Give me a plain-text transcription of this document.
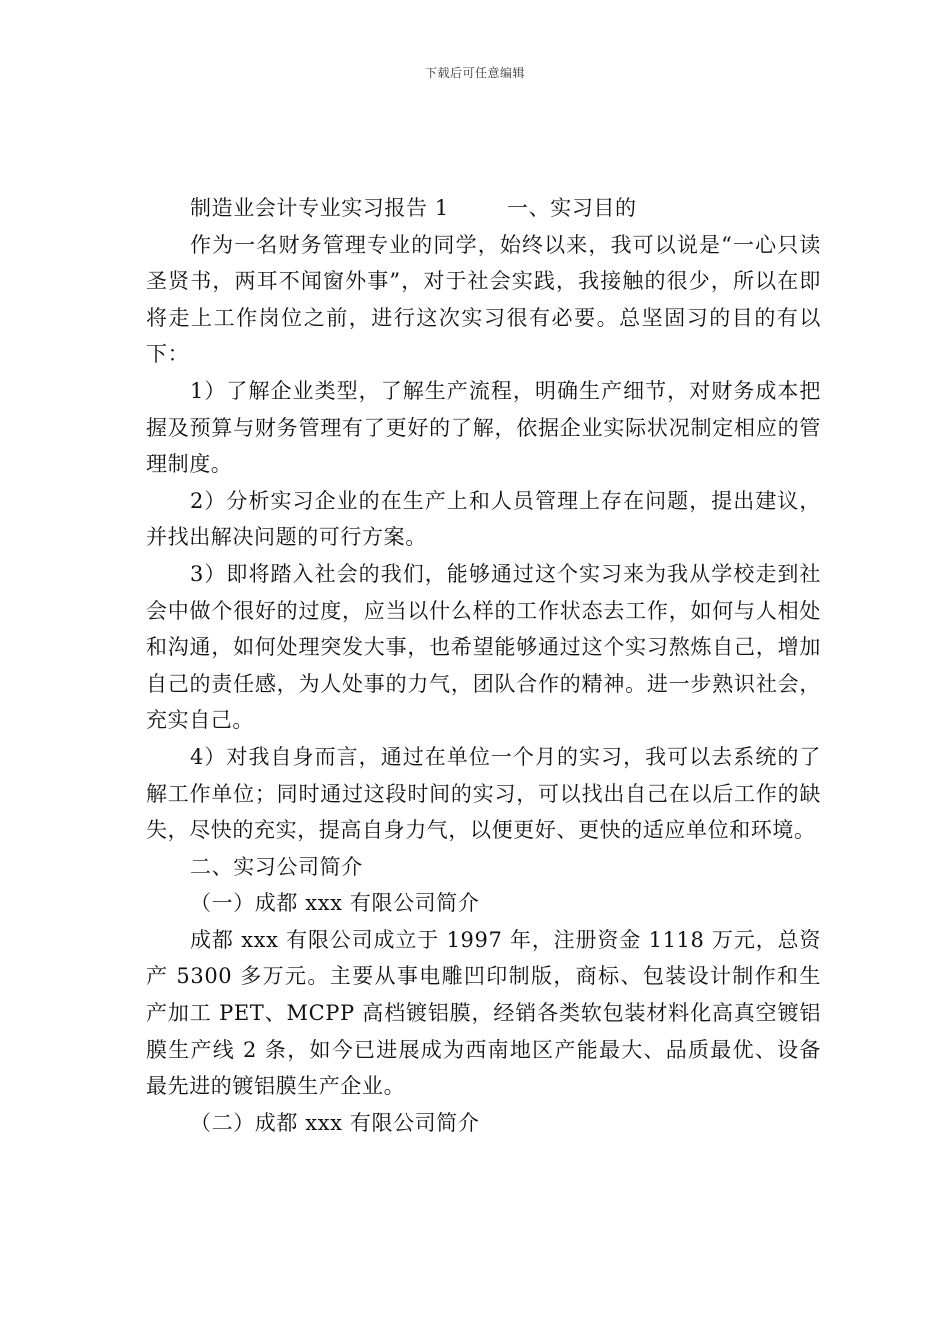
下载后可任意编辑

制造业会计专业实习报告 1        一、实习目的

作为一名财务管理专业的同学，始终以来，我可以说是“一心只读圣贤书，两耳不闻窗外事”，对于社会实践，我接触的很少，所以在即将走上工作岗位之前，进行这次实习很有必要。总坚固习的目的有以下：

1）了解企业类型，了解生产流程，明确生产细节，对财务成本把握及预算与财务管理有了更好的了解，依据企业实际状况制定相应的管理制度。

2）分析实习企业的在生产上和人员管理上存在问题，提出建议，并找出解决问题的可行方案。

3）即将踏入社会的我们，能够通过这个实习来为我从学校走到社会中做个很好的过度，应当以什么样的工作状态去工作，如何与人相处和沟通，如何处理突发大事，也希望能够通过这个实习熬炼自己，增加自己的责任感，为人处事的力气，团队合作的精神。进一步熟识社会，充实自己。

4）对我自身而言，通过在单位一个月的实习，我可以去系统的了解工作单位；同时通过这段时间的实习，可以找出自己在以后工作的缺失，尽快的充实，提高自身力气，以便更好、更快的适应单位和环境。

二、实习公司简介

（一）成都 xxx 有限公司简介

成都 xxx 有限公司成立于 1997 年，注册资金 1118 万元，总资产 5300 多万元。主要从事电雕凹印制版，商标、包装设计制作和生产加工 PET、MCPP 高档镀铝膜，经销各类软包装材料化高真空镀铝膜生产线 2 条，如今已进展成为西南地区产能最大、品质最优、设备最先进的镀铝膜生产企业。

（二）成都 xxx 有限公司简介
